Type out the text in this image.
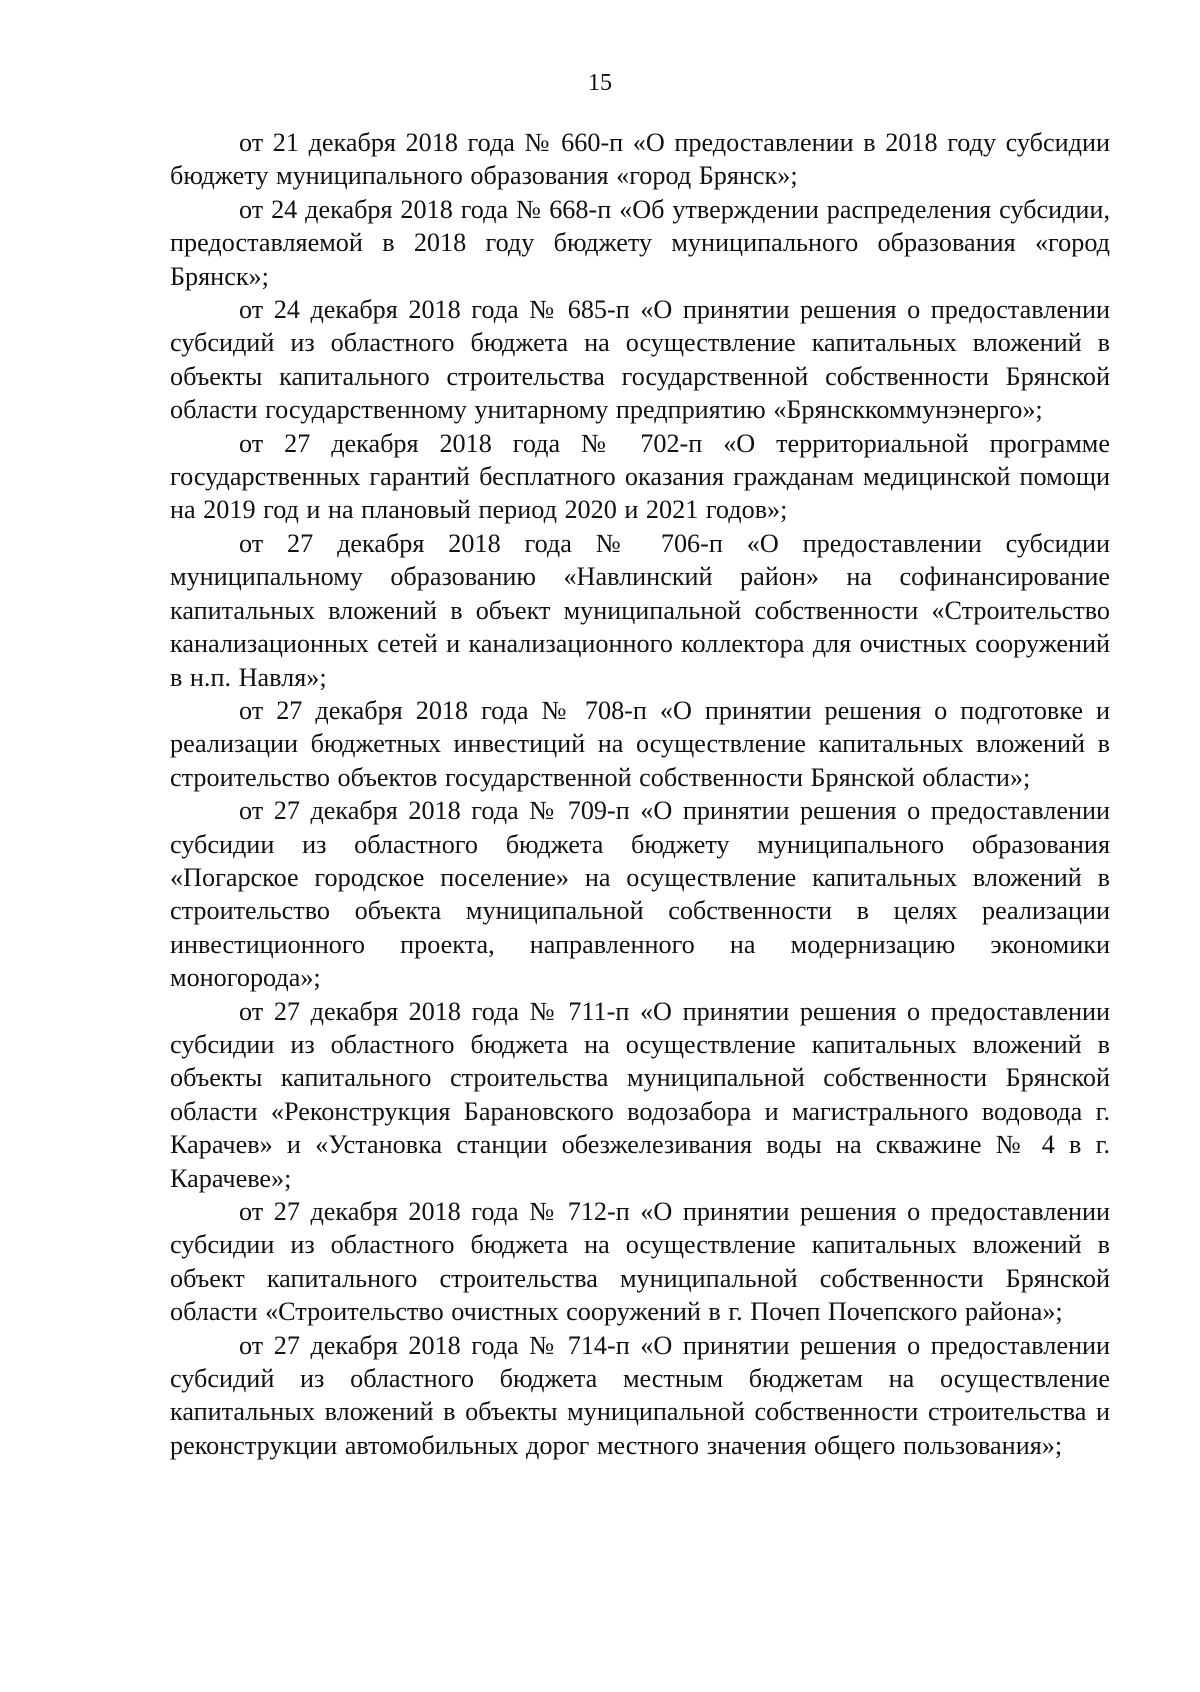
15

от 21 декабря 2018 года № 660-п «О предоставлении в 2018 году субсидии бюджету муниципального образования «город Брянск»;

от 24 декабря 2018 года № 668-п «Об утверждении распределения субсидии, предоставляемой в 2018 году бюджету муниципального образования «город Брянск»;

от 24 декабря 2018 года № 685-п «О принятии решения о предоставлении субсидий из областного бюджета на осуществление капитальных вложений в объекты капитального строительства государственной собственности Брянской области государственному унитарному предприятию «Брянсккоммунэнерго»;

от 27 декабря 2018 года № 702-п «О территориальной программе государственных гарантий бесплатного оказания гражданам медицинской помощи на 2019 год и на плановый период 2020 и 2021 годов»;

от 27 декабря 2018 года № 706-п «О предоставлении субсидии муниципальному образованию «Навлинский район» на софинансирование капитальных вложений в объект муниципальной собственности «Строительство канализационных сетей и канализационного коллектора для очистных сооружений в н.п. Навля»;

от 27 декабря 2018 года № 708-п «О принятии решения о подготовке и реализации бюджетных инвестиций на осуществление капитальных вложений в строительство объектов государственной собственности Брянской области»;

от 27 декабря 2018 года № 709-п «О принятии решения о предоставлении субсидии из областного бюджета бюджету муниципального образования «Погарское городское поселение» на осуществление капитальных вложений в строительство объекта муниципальной собственности в целях реализации инвестиционного проекта, направленного на модернизацию экономики моногорода»;

от 27 декабря 2018 года № 711-п «О принятии решения о предоставлении субсидии из областного бюджета на осуществление капитальных вложений в объекты капитального строительства муниципальной собственности Брянской области «Реконструкция Барановского водозабора и магистрального водовода г. Карачев» и «Установка станции обезжелезивания воды на скважине № 4 в г. Карачеве»;

от 27 декабря 2018 года № 712-п «О принятии решения о предоставлении субсидии из областного бюджета на осуществление капитальных вложений в объект капитального строительства муниципальной собственности Брянской области «Строительство очистных сооружений в г. Почеп Почепского района»;

от 27 декабря 2018 года № 714-п «О принятии решения о предоставлении субсидий из областного бюджета местным бюджетам на осуществление капитальных вложений в объекты муниципальной собственности строительства и реконструкции автомобильных дорог местного значения общего пользования»;
